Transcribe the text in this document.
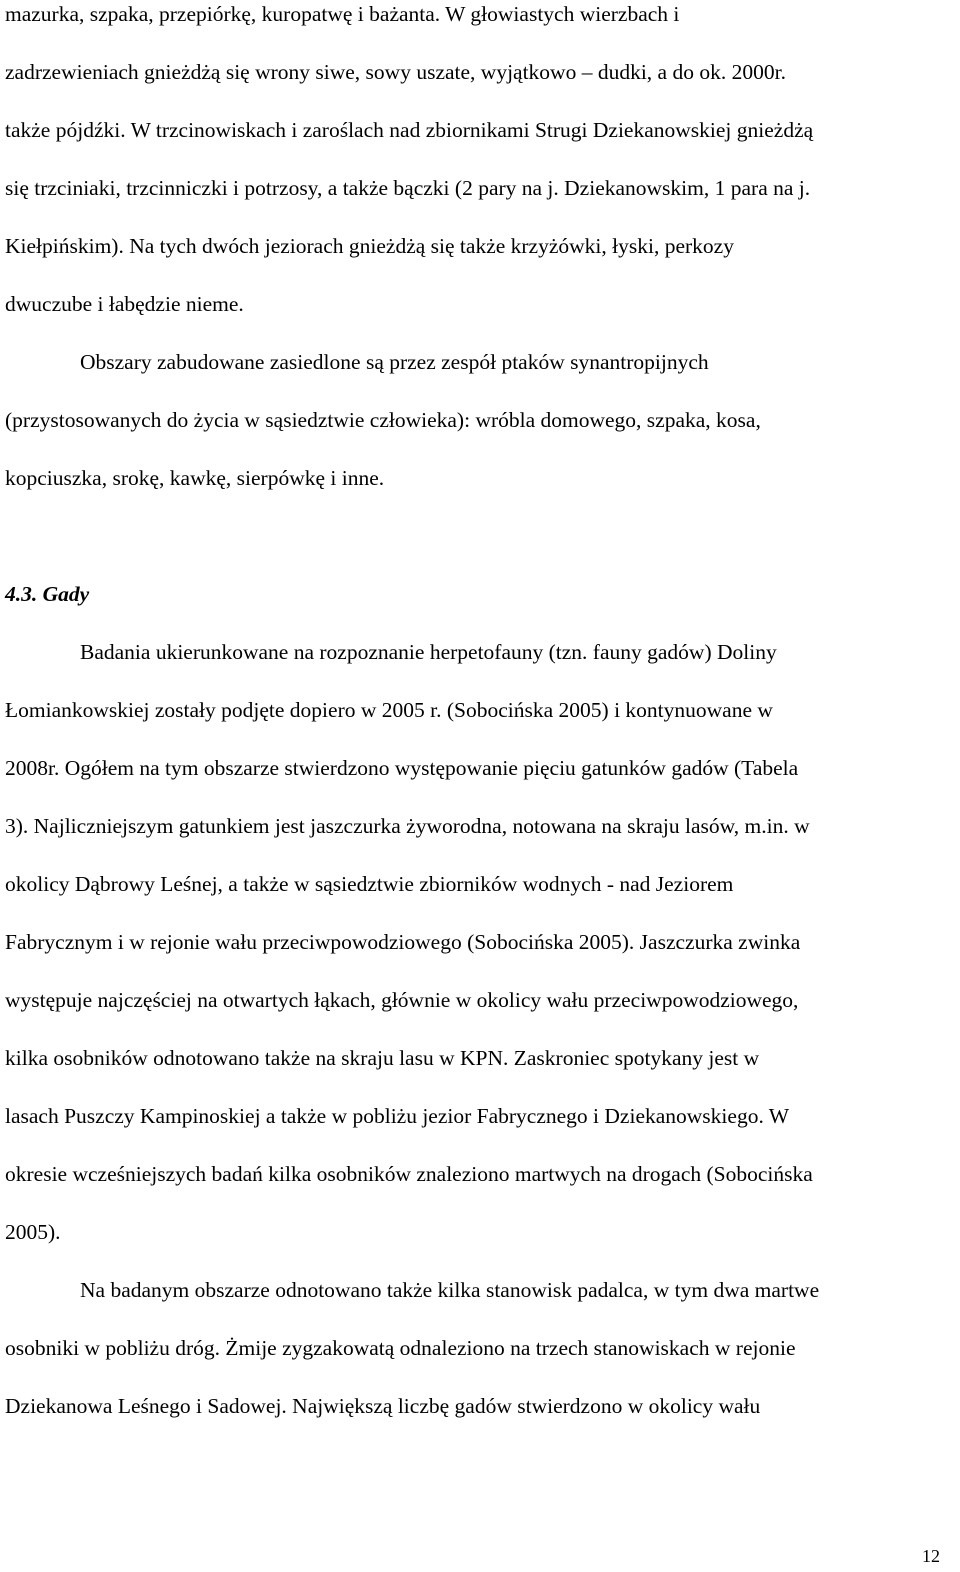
mazurka, szpaka, przepiórkę, kuropatwę i bażanta. W głowiastych wierzbach i
zadrzewieniach gnieżdżą się wrony siwe, sowy uszate, wyjątkowo – dudki, a do ok. 2000r.
także pójdźki. W trzcinowiskach i zaroślach nad zbiornikami Strugi Dziekanowskiej gnieżdżą
się trzciniaki, trzcinniczki i potrzosy, a także bączki (2 pary na j. Dziekanowskim, 1 para na j.
Kiełpińskim). Na tych dwóch jeziorach gnieżdżą się także krzyżówki, łyski, perkozy
dwuczube i łabędzie nieme.
Obszary zabudowane zasiedlone są przez zespół ptaków synantropijnych
(przystosowanych do życia w sąsiedztwie człowieka): wróbla domowego, szpaka, kosa,
kopciuszka, srokę, kawkę, sierpówkę i inne.
4.3. Gady
Badania ukierunkowane na rozpoznanie herpetofauny (tzn. fauny gadów) Doliny
Łomiankowskiej zostały podjęte dopiero w 2005 r. (Sobocińska 2005) i kontynuowane w
2008r. Ogółem na tym obszarze stwierdzono występowanie pięciu gatunków gadów (Tabela
3). Najliczniejszym gatunkiem jest jaszczurka żyworodna, notowana na skraju lasów, m.in. w
okolicy Dąbrowy Leśnej, a także w sąsiedztwie zbiorników wodnych - nad Jeziorem
Fabrycznym i w rejonie wału przeciwpowodziowego (Sobocińska 2005). Jaszczurka zwinka
występuje najczęściej na otwartych łąkach, głównie w okolicy wału przeciwpowodziowego,
kilka osobników odnotowano także na skraju lasu w KPN. Zaskroniec spotykany jest w
lasach Puszczy Kampinoskiej a także w pobliżu jezior Fabrycznego i Dziekanowskiego. W
okresie wcześniejszych badań kilka osobników znaleziono martwych na drogach (Sobocińska
2005).
Na badanym obszarze odnotowano także kilka stanowisk padalca, w tym dwa martwe
osobniki w pobliżu dróg. Żmije zygzakowatą odnaleziono na trzech stanowiskach w rejonie
Dziekanowa Leśnego i Sadowej. Największą liczbę gadów stwierdzono w okolicy wału
12
